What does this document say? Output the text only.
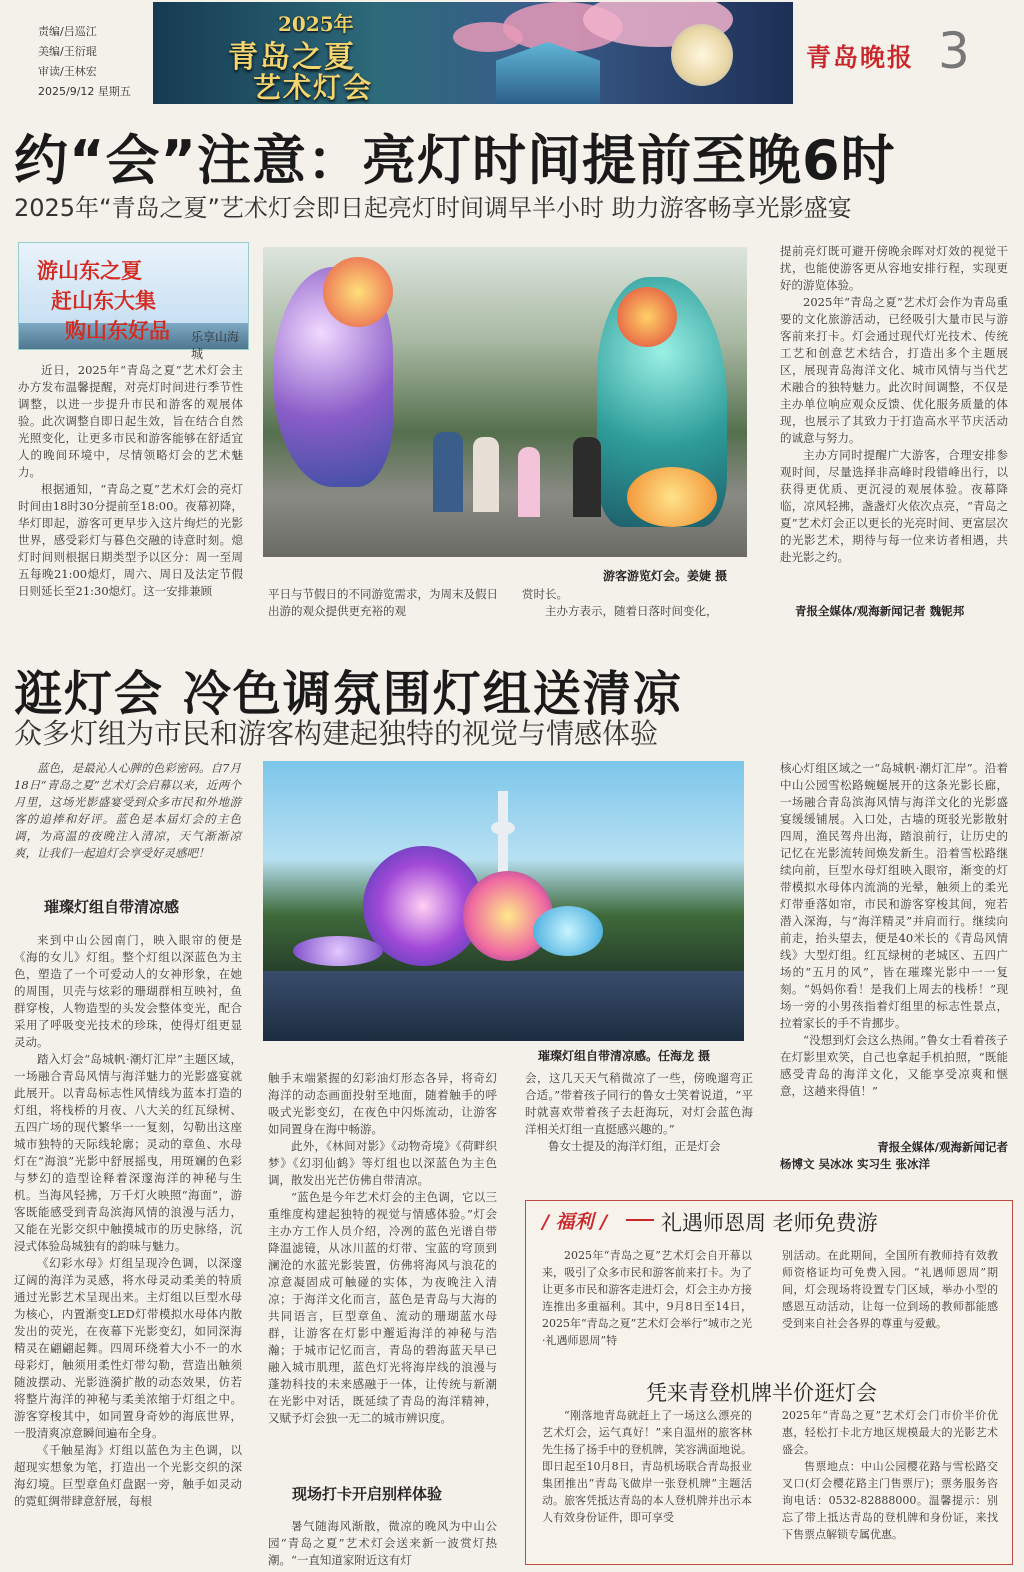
责编/吕巡江
美编/王衍琨
审读/王林宏
2025/9/12 星期五
2025年
青岛之夏
艺术灯会
青岛晚报 3
约“会”注意：亮灯时间提前至晚6时
2025年“青岛之夏”艺术灯会即日起亮灯时间调早半小时 助力游客畅享光影盛宴
游山东之夏
赶山东大集
购山东好品 乐享山海城

近日，2025年“青岛之夏”艺术灯会主办方发布温馨提醒，对亮灯时间进行季节性调整，以进一步提升市民和游客的观展体验。此次调整自即日起生效，旨在结合自然光照变化，让更多市民和游客能够在舒适宜人的晚间环境中，尽情领略灯会的艺术魅力。

根据通知，“青岛之夏”艺术灯会的亮灯时间由18时30分提前至18:00。夜幕初降，华灯即起，游客可更早步入这片绚烂的光影世界，感受彩灯与暮色交融的诗意时刻。熄灯时间则根据日期类型予以区分：周一至周五每晚21:00熄灯，周六、周日及法定节假日则延长至21:30熄灯。这一安排兼顾

游客游览灯会。姜婕 摄
平日与节假日的不同游览需求，为周末及假日出游的观众提供更充裕的观
赏时长。

主办方表示，随着日落时间变化，

提前亮灯既可避开傍晚余晖对灯效的视觉干扰，也能使游客更从容地安排行程，实现更好的游览体验。

2025年“青岛之夏”艺术灯会作为青岛重要的文化旅游活动，已经吸引大量市民与游客前来打卡。灯会通过现代灯光技术、传统工艺和创意艺术结合，打造出多个主题展区，展现青岛海洋文化、城市风情与当代艺术融合的独特魅力。此次时间调整，不仅是主办单位响应观众反馈、优化服务质量的体现，也展示了其致力于打造高水平节庆活动的诚意与努力。

主办方同时提醒广大游客，合理安排参观时间，尽量选择非高峰时段错峰出行，以获得更优质、更沉浸的观展体验。夜幕降临，凉风轻拂，盏盏灯火依次点亮，“青岛之夏”艺术灯会正以更长的光亮时间、更富层次的光影艺术，期待与每一位来访者相遇，共赴光影之约。

青报全媒体/观海新闻记者 魏铌邦
逛灯会 冷色调氛围灯组送清凉
众多灯组为市民和游客构建起独特的视觉与情感体验

蓝色，是最沁人心脾的色彩密码。自7月18日“青岛之夏”艺术灯会启幕以来，近两个月里，这场光影盛宴受到众多市民和外地游客的追捧和好评。蓝色是本届灯会的主色调，为高温的夜晚注入清凉，天气渐渐凉爽，让我们一起追灯会享受好灵感吧！

璀璨灯组自带清凉感

来到中山公园南门，映入眼帘的便是《海的女儿》灯组。整个灯组以深蓝色为主色，塑造了一个可爱动人的女神形象，在她的周围，贝壳与炫彩的珊瑚群相互映衬，鱼群穿梭，人物造型的头发会整体变光，配合采用了呼吸变光技术的珍珠，使得灯组更显灵动。

踏入灯会“岛城帆·潮灯汇岸”主题区域，一场融合青岛风情与海洋魅力的光影盛宴就此展开。以青岛标志性风情线为蓝本打造的灯组，将栈桥的月夜、八大关的红瓦绿树、五四广场的现代繁华一一复刻，勾勒出这座城市独特的天际线轮廓；灵动的章鱼、水母灯在“海浪”光影中舒展摇曳，用斑斓的色彩与梦幻的造型诠释着深邃海洋的神秘与生机。当海风轻拂，万千灯火映照“海面”，游客既能感受到青岛滨海风情的浪漫与活力，又能在光影交织中触摸城市的历史脉络，沉浸式体验岛城独有的韵味与魅力。

《幻彩水母》灯组呈现冷色调，以深邃辽阔的海洋为灵感，将水母灵动柔美的特质通过光影艺术呈现出来。主灯组以巨型水母为核心，内置渐变LED灯带模拟水母体内散发出的荧光，在夜幕下光影变幻，如同深海精灵在翩翩起舞。四周环绕着大小不一的水母彩灯，触须用柔性灯带勾勒，营造出触须随波摆动、光影涟漪扩散的动态效果，仿若将整片海洋的神秘与柔美浓缩于灯组之中。游客穿梭其中，如同置身奇妙的海底世界，一股清爽凉意瞬间遍布全身。

《千触星海》灯组以蓝色为主色调，以超现实想象为笔，打造出一个光影交织的深海幻境。巨型章鱼灯盘踞一旁，触手如灵动的霓虹绸带肆意舒展，每根

璀璨灯组自带清凉感。任海龙 摄
触手末端紧握的幻彩油灯形态各异，将奇幻海洋的动态画面投射至地面，随着触手的呼吸式光影变幻，在夜色中闪烁流动，让游客如同置身在海中畅游。

此外，《林间对影》《动物奇境》《荷畔织梦》《幻羽仙鹤》等灯组也以深蓝色为主色调，散发出光芒仿佛自带清凉。

“蓝色是今年艺术灯会的主色调，它以三重维度构建起独特的视觉与情感体验。”灯会主办方工作人员介绍，冷冽的蓝色光谱自带降温滤镜，从冰川蓝的灯带、宝蓝的穹顶到澜沧的水蓝光影装置，仿佛将海风与浪花的凉意凝固成可触碰的实体，为夜晚注入清凉；于海洋文化而言，蓝色是青岛与大海的共同语言，巨型章鱼、流动的珊瑚蓝水母群，让游客在灯影中邂逅海洋的神秘与浩瀚；于城市记忆而言，青岛的碧海蓝天早已融入城市肌理，蓝色灯光将海岸线的浪漫与蓬勃科技的未来感融于一体，让传统与新潮在光影中对话，既延续了青岛的海洋精神，又赋予灯会独一无二的城市辨识度。

现场打卡开启别样体验

暑气随海风渐散，微凉的晚风为中山公园“青岛之夏”艺术灯会送来新一波赏灯热潮。“一直知道家附近这有灯

会，这几天天气稍微凉了一些，傍晚遛弯正合适。”带着孩子同行的鲁女士笑着说道，“平时就喜欢带着孩子去赶海玩，对灯会蓝色海洋相关灯组一直挺感兴趣的。”

鲁女士提及的海洋灯组，正是灯会

核心灯组区域之一“岛城帆·潮灯汇岸”。沿着中山公园雪松路蜿蜒展开的这条光影长廊，一场融合青岛滨海风情与海洋文化的光影盛宴缓缓铺展。入口处，古墙的斑驳光影散射四周，渔民驾舟出海，踏浪前行，让历史的记忆在光影流转间焕发新生。沿着雪松路继续向前，巨型水母灯组映入眼帘，渐变的灯带模拟水母体内流淌的光晕，触须上的柔光灯带垂落如帘，市民和游客穿梭其间，宛若潜入深海，与“海洋精灵”并肩而行。继续向前走，抬头望去，便是40米长的《青岛风情线》大型灯组。红瓦绿树的老城区、五四广场的“五月的风”，皆在璀璨光影中一一复刻。“妈妈你看！是我们上周去的栈桥！”现场一旁的小男孩指着灯组里的标志性景点，拉着家长的手不肯挪步。

“没想到灯会这么热闹。”鲁女士看着孩子在灯影里欢笑，自己也拿起手机拍照，“既能感受青岛的海洋文化，又能享受凉爽和惬意，这趟来得值！”

青报全媒体/观海新闻记者
杨博文 吴冰冰 实习生 张冰洋
/ 福利 /	礼遇师恩周 老师免费游

2025年“青岛之夏”艺术灯会自开幕以来，吸引了众多市民和游客前来打卡。为了让更多市民和游客走进灯会，灯会主办方接连推出多重福利。其中，9月8日至14日，2025年“青岛之夏”艺术灯会举行“城市之光·礼遇师恩周”特

别活动。在此期间，全国所有教师持有效教师资格证均可免费入园。“礼遇师恩周”期间，灯会现场将设置专门区域，举办小型的感恩互动活动，让每一位到场的教师都能感受到来自社会各界的尊重与爱戴。
凭来青登机牌半价逛灯会

“刚落地青岛就赶上了一场这么漂亮的艺术灯会，运气真好！”来自温州的旅客林先生扬了扬手中的登机牌，笑容满面地说。即日起至10月8日，青岛机场联合青岛报业集团推出“青岛飞做岸一张登机牌”主题活动。旅客凭抵达青岛的本人登机牌并出示本人有效身份证件，即可享受

2025年“青岛之夏”艺术灯会门市价半价优惠，轻松打卡北方地区规模最大的光影艺术盛会。

售票地点：中山公园樱花路与雪松路交叉口(灯会樱花路主门售票厅)；票务服务咨询电话：0532-82888000。温馨提示：别忘了带上抵达青岛的登机牌和身份证，来找下售票点解锁专属优惠。
